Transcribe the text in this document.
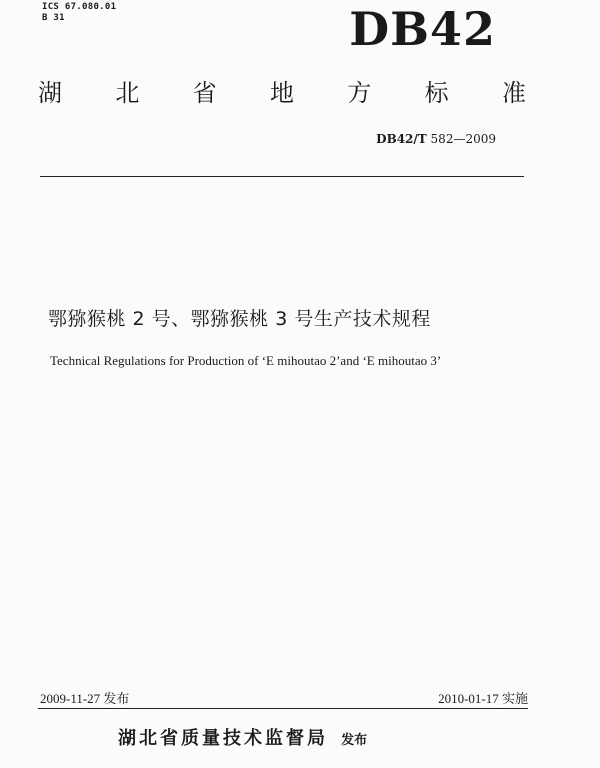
ICS 67.080.01
B 31	DB42
湖 北 省 地 方 标 准
DB42/T 582—2009
鄂猕猴桃 2 号、鄂猕猴桃 3 号生产技术规程
Technical Regulations for Production of ‘E mihoutao 2’and ‘E mihoutao 3’
2009-11-27 发布	2010-01-17 实施
湖北省质量技术监督局 发布
